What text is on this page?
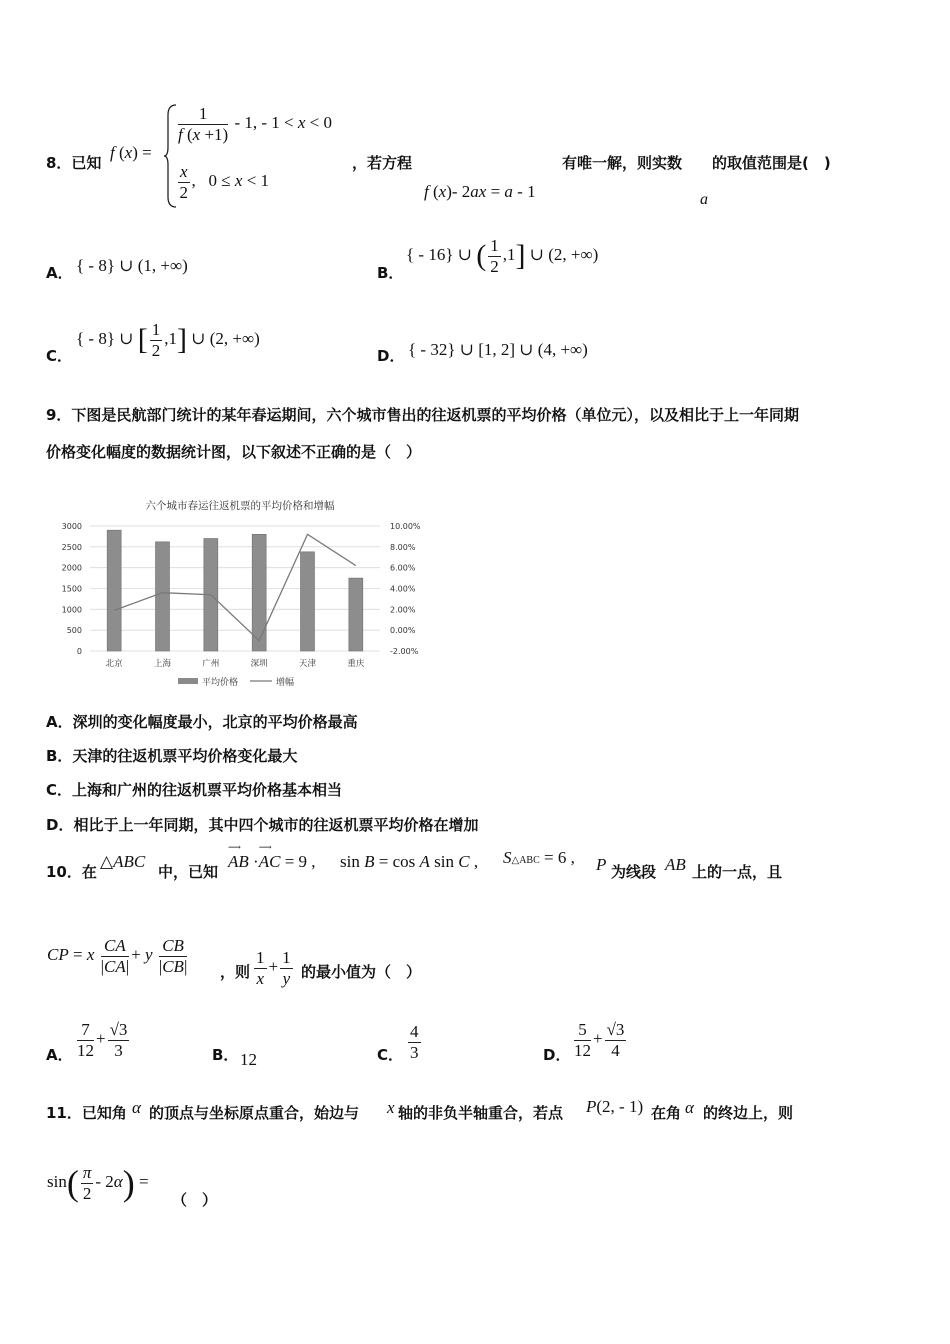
8．已知
f (x) =
$\frac{1}{f (x +1)} - 1$, - 1 < x < 0
$\frac{x}{2}$ ,   0 ≤ x < 1
，若方程
f (x)- 2ax = a - 1
有唯一解，则实数
a
的取值范围是(　)
A． { - 8} ∪ (1, +∞)	B．
{ - 16} ∪ ( $\frac{1}{2} ,1$] ∪ (2, +∞)
C．
{ - 8} ∪ [ $\frac{1}{2} ,1$] ∪ (2, +∞)
D． { - 32} ∪ [1, 2] ∪ (4, +∞)
9．下图是民航部门统计的某年春运期间，六个城市售出的往返机票的平均价格（单位元），以及相比于上一年同期
价格变化幅度的数据统计图，以下叙述不正确的是（　）
六个城市春运往返机票的平均价格和增幅
3000
2500
2000
1500
1000
500
0
10.00%
8.00%
6.00%
4.00%
2.00%
0.00%
-2.00%
北京	上海	广州	深圳	天津	重庆
平均价格	增幅
A．深圳的变化幅度最小，北京的平均价格最高
B．天津的往返机票平均价格变化最大
C．上海和广州的往返机票平均价格基本相当
D．相比于上一年同期，其中四个城市的往返机票平均价格在增加
10．在
△ABC
中，已知
AB
⟶
·AC
⟶
= 9 , sin B = cos A sin C , S△ABC = 6 , P 为线段 AB 上的一点，且
CP = x $\frac{CA}{|CA|} + y \frac{CB}{|CB|}$ ，则 $\frac{1}{x} + \frac{1}{y}$ 的最小值为（　）
A． $\frac{7}{12} + \frac{√3}{3}$	B． 12	C． $\frac{4}{3}$	D． $\frac{5}{12} + \frac{√3}{4}$
11．已知角 α 的顶点与坐标原点重合，始边与 x 轴的非负半轴重合，若点 P(2, - 1) 在角 α 的终边上，则
$\sin( \frac{\pi}{2} - 2\alpha)$ =
（　）
